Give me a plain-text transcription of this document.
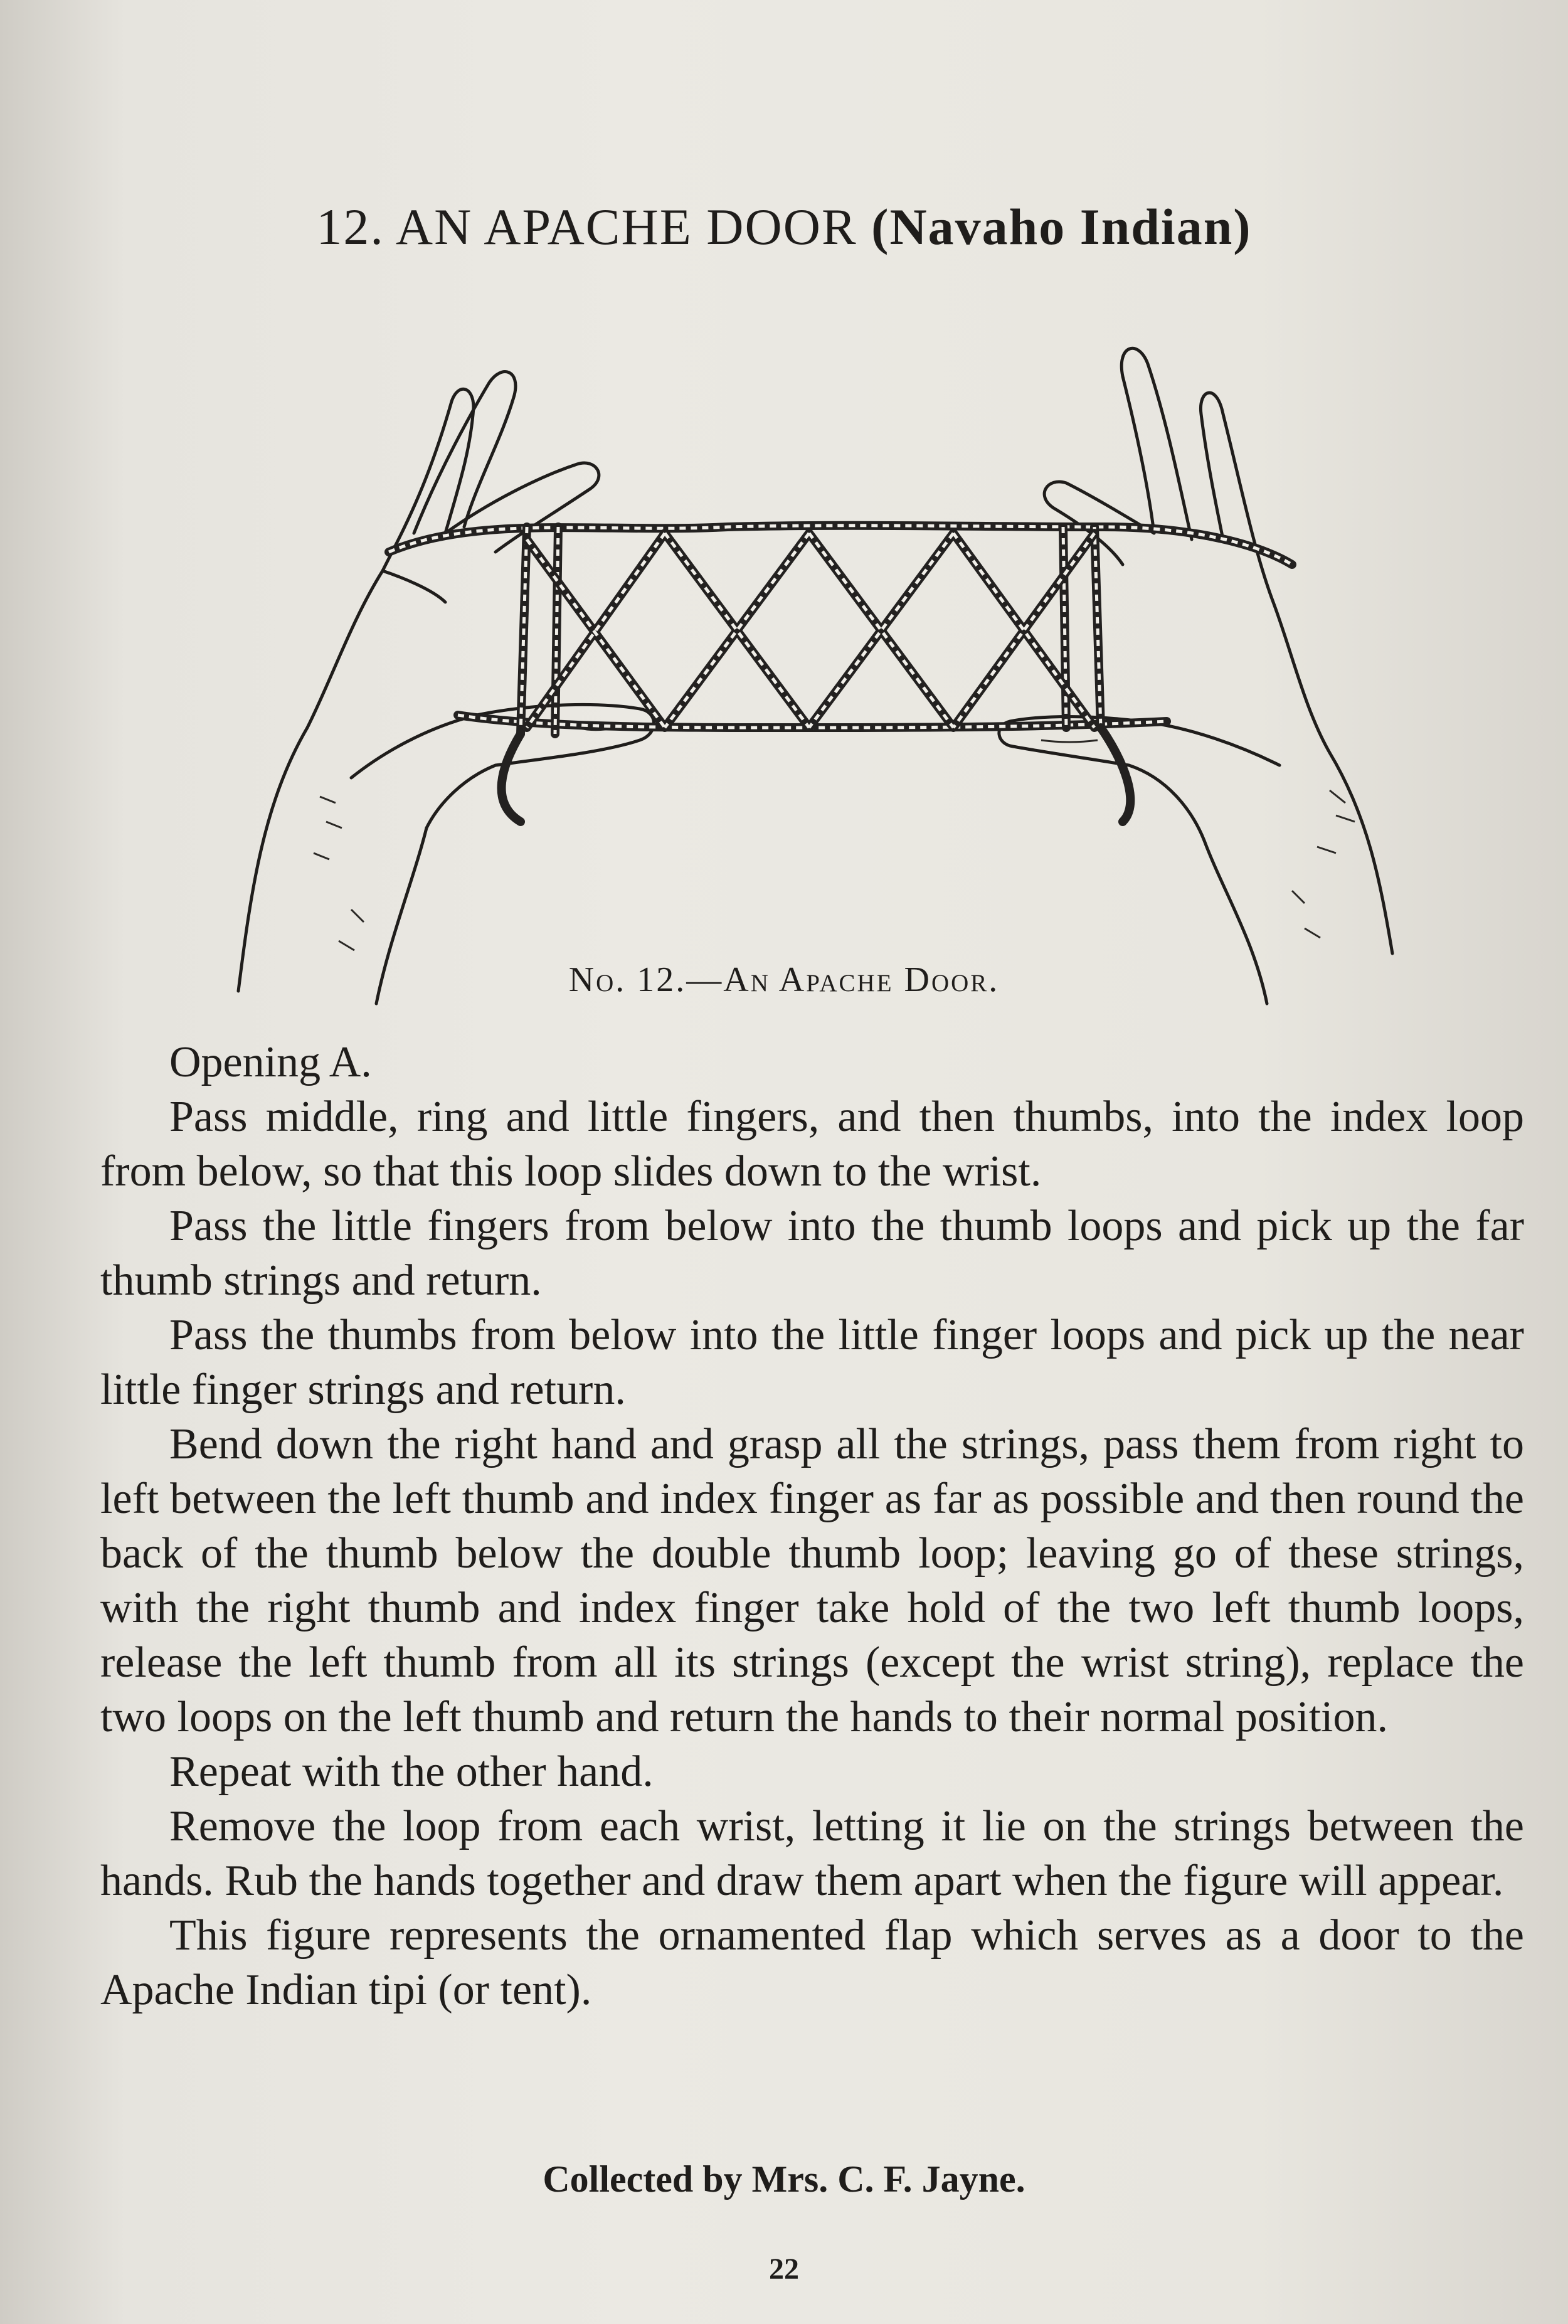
12. AN APACHE DOOR (Navaho Indian)
No. 12.—An Apache Door.

Opening A.

Pass middle, ring and little fingers, and then thumbs, into the index loop from below, so that this loop slides down to the wrist.

Pass the little fingers from below into the thumb loops and pick up the far thumb strings and return.

Pass the thumbs from below into the little finger loops and pick up the near little finger strings and return.

Bend down the right hand and grasp all the strings, pass them from right to left between the left thumb and index finger as far as possible and then round the back of the thumb below the double thumb loop; leaving go of these strings, with the right thumb and index finger take hold of the two left thumb loops, release the left thumb from all its strings (except the wrist string), replace the two loops on the left thumb and return the hands to their normal position.

Repeat with the other hand.

Remove the loop from each wrist, letting it lie on the strings between the hands. Rub the hands together and draw them apart when the figure will appear.

This figure represents the ornamented flap which serves as a door to the Apache Indian tipi (or tent).

Collected by Mrs. C. F. Jayne.
22
